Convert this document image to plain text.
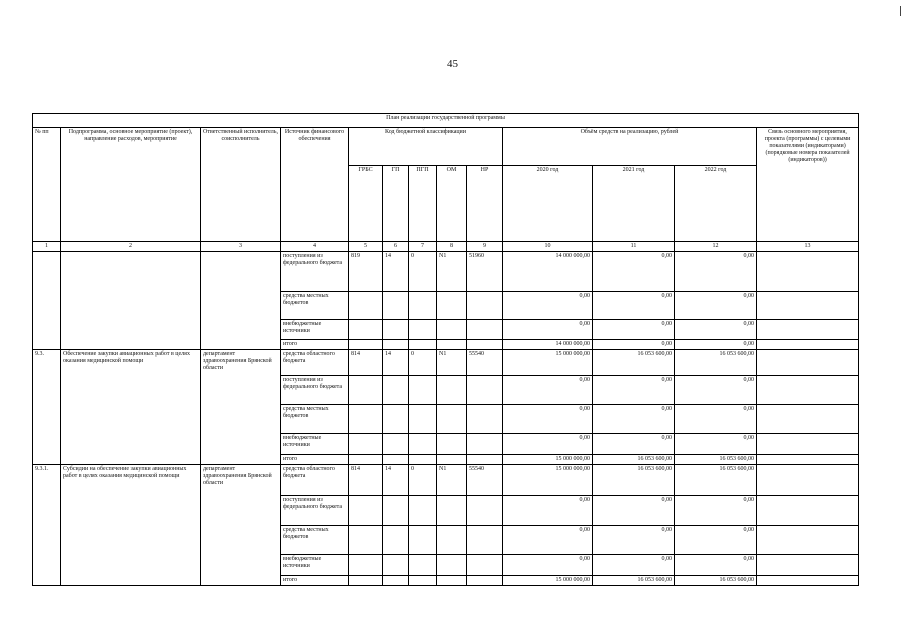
45
План реализации государственной программы												
№ пп	Подпрограмма, основное мероприятие (проект), направление расходов, мероприятие	Ответственный исполнитель, соисполнитель	Источник финансового обеспечения	Код бюджетной классификации					Объём средств на реализацию, рублей			Связь основного мероприятия, проекта (программы) с целевыми показателями (индикаторами) (порядковые номера показателей (индикаторов))
				ГРБС	ГП	ПГП	ОМ	НР	2020 год	2021 год	2022 год	
1	2	3	4	5	6	7	8	9	10	11	12	13
			поступления из федерального бюджета	819	14	0	N1	51960	14 000 000,00	0,00	0,00	
			средства местных бюджетов						0,00	0,00	0,00	
			внебюджетные источники						0,00	0,00	0,00	
			итого						14 000 000,00	0,00	0,00	
9.3.	Обеспечение закупки авиационных работ в целях оказания медицинской помощи	департамент здравоохранения Брянской области	средства областного бюджета	814	14	0	N1	55540	15 000 000,00	16 053 600,00	16 053 600,00	
			поступления из федерального бюджета						0,00	0,00	0,00	
			средства местных бюджетов						0,00	0,00	0,00	
			внебюджетные источники						0,00	0,00	0,00	
			итого						15 000 000,00	16 053 600,00	16 053 600,00	
9.3.1.	Субсидии на обеспечение закупки авиационных работ в целях оказания медицинской помощи	департамент здравоохранения Брянской области	средства областного бюджета	814	14	0	N1	55540	15 000 000,00	16 053 600,00	16 053 600,00	
			поступления из федерального бюджета						0,00	0,00	0,00	
			средства местных бюджетов						0,00	0,00	0,00	
			внебюджетные источники						0,00	0,00	0,00	
			итого						15 000 000,00	16 053 600,00	16 053 600,00	
